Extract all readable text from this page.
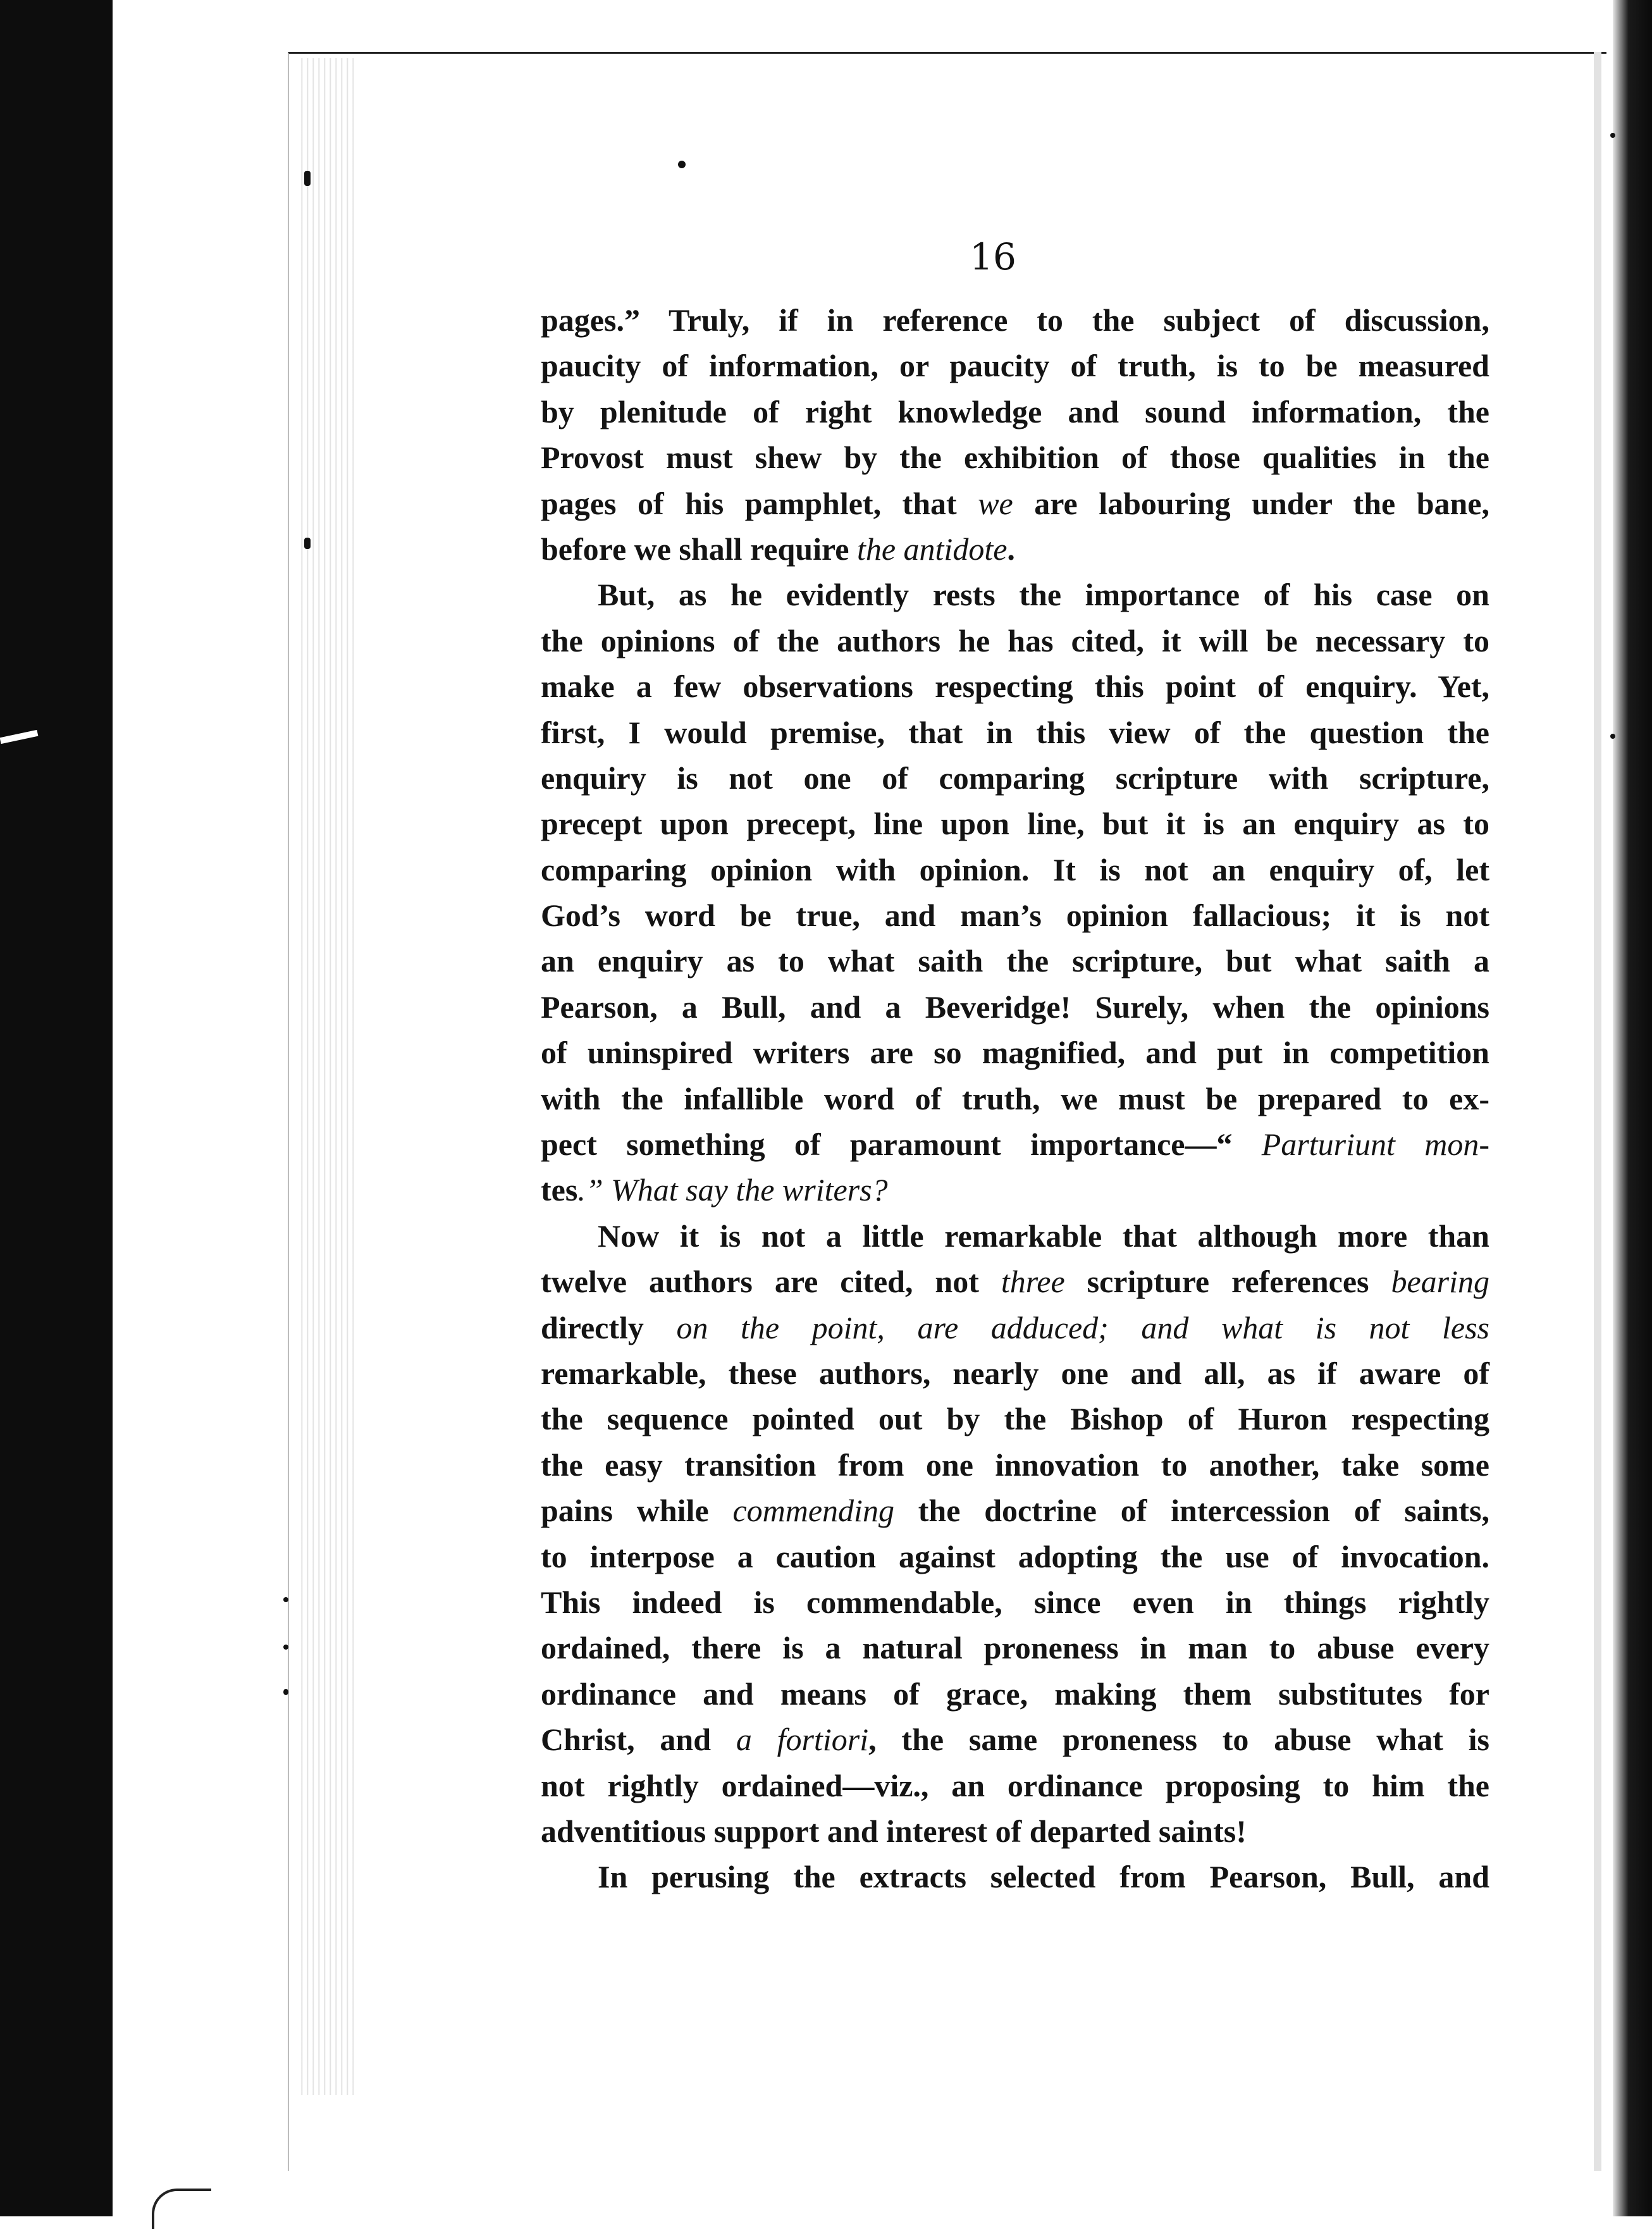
16
pages.” Truly, if in reference to the subject of discussion,
paucity of information, or paucity of truth, is to be measured
by plenitude of right knowledge and sound information, the
Provost must shew by the exhibition of those qualities in the
pages of his pamphlet, that we are labouring under the bane,
before we shall require the antidote.
But, as he evidently rests the importance of his case on
the opinions of the authors he has cited, it will be necessary to
make a few observations respecting this point of enquiry. Yet,
first, I would premise, that in this view of the question the
enquiry is not one of comparing scripture with scripture,
precept upon precept, line upon line, but it is an enquiry as to
comparing opinion with opinion. It is not an enquiry of, let
God’s word be true, and man’s opinion fallacious; it is not
an enquiry as to what saith the scripture, but what saith a
Pearson, a Bull, and a Beveridge! Surely, when the opinions
of uninspired writers are so magnified, and put in competition
with the infallible word of truth, we must be prepared to ex-
pect something of paramount importance—“ Parturiunt mon-
tes.” What say the writers?
Now it is not a little remarkable that although more than
twelve authors are cited, not three scripture references bearing
directly on the point, are adduced; and what is not less
remarkable, these authors, nearly one and all, as if aware of
the sequence pointed out by the Bishop of Huron respecting
the easy transition from one innovation to another, take some
pains while commending the doctrine of intercession of saints,
to interpose a caution against adopting the use of invocation.
This indeed is commendable, since even in things rightly
ordained, there is a natural proneness in man to abuse every
ordinance and means of grace, making them substitutes for
Christ, and a fortiori, the same proneness to abuse what is
not rightly ordained—viz., an ordinance proposing to him the
adventitious support and interest of departed saints!
In perusing the extracts selected from Pearson, Bull, and
